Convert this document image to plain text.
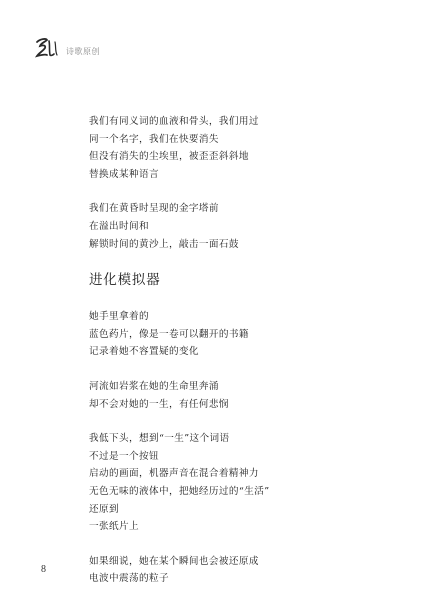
诗歌原创
我们有同义词的血液和骨头，我们用过
同一个名字，我们在快要消失
但没有消失的尘埃里，被歪歪斜斜地
替换成某种语言
我们在黄昏时呈现的金字塔前
在溢出时间和
解锁时间的黄沙上，敲击一面石鼓
进化模拟器
她手里拿着的
蓝色药片，像是一卷可以翻开的书籍
记录着她不容置疑的变化
河流如岩浆在她的生命里奔涌
却不会对她的一生，有任何悲悯
我低下头，想到“一生”这个词语
不过是一个按钮
启动的画面，机器声音在混合着精神力
无色无味的液体中，把她经历过的“生活”
还原到
一张纸片上
如果细说，她在某个瞬间也会被还原成
电波中震荡的粒子
8
